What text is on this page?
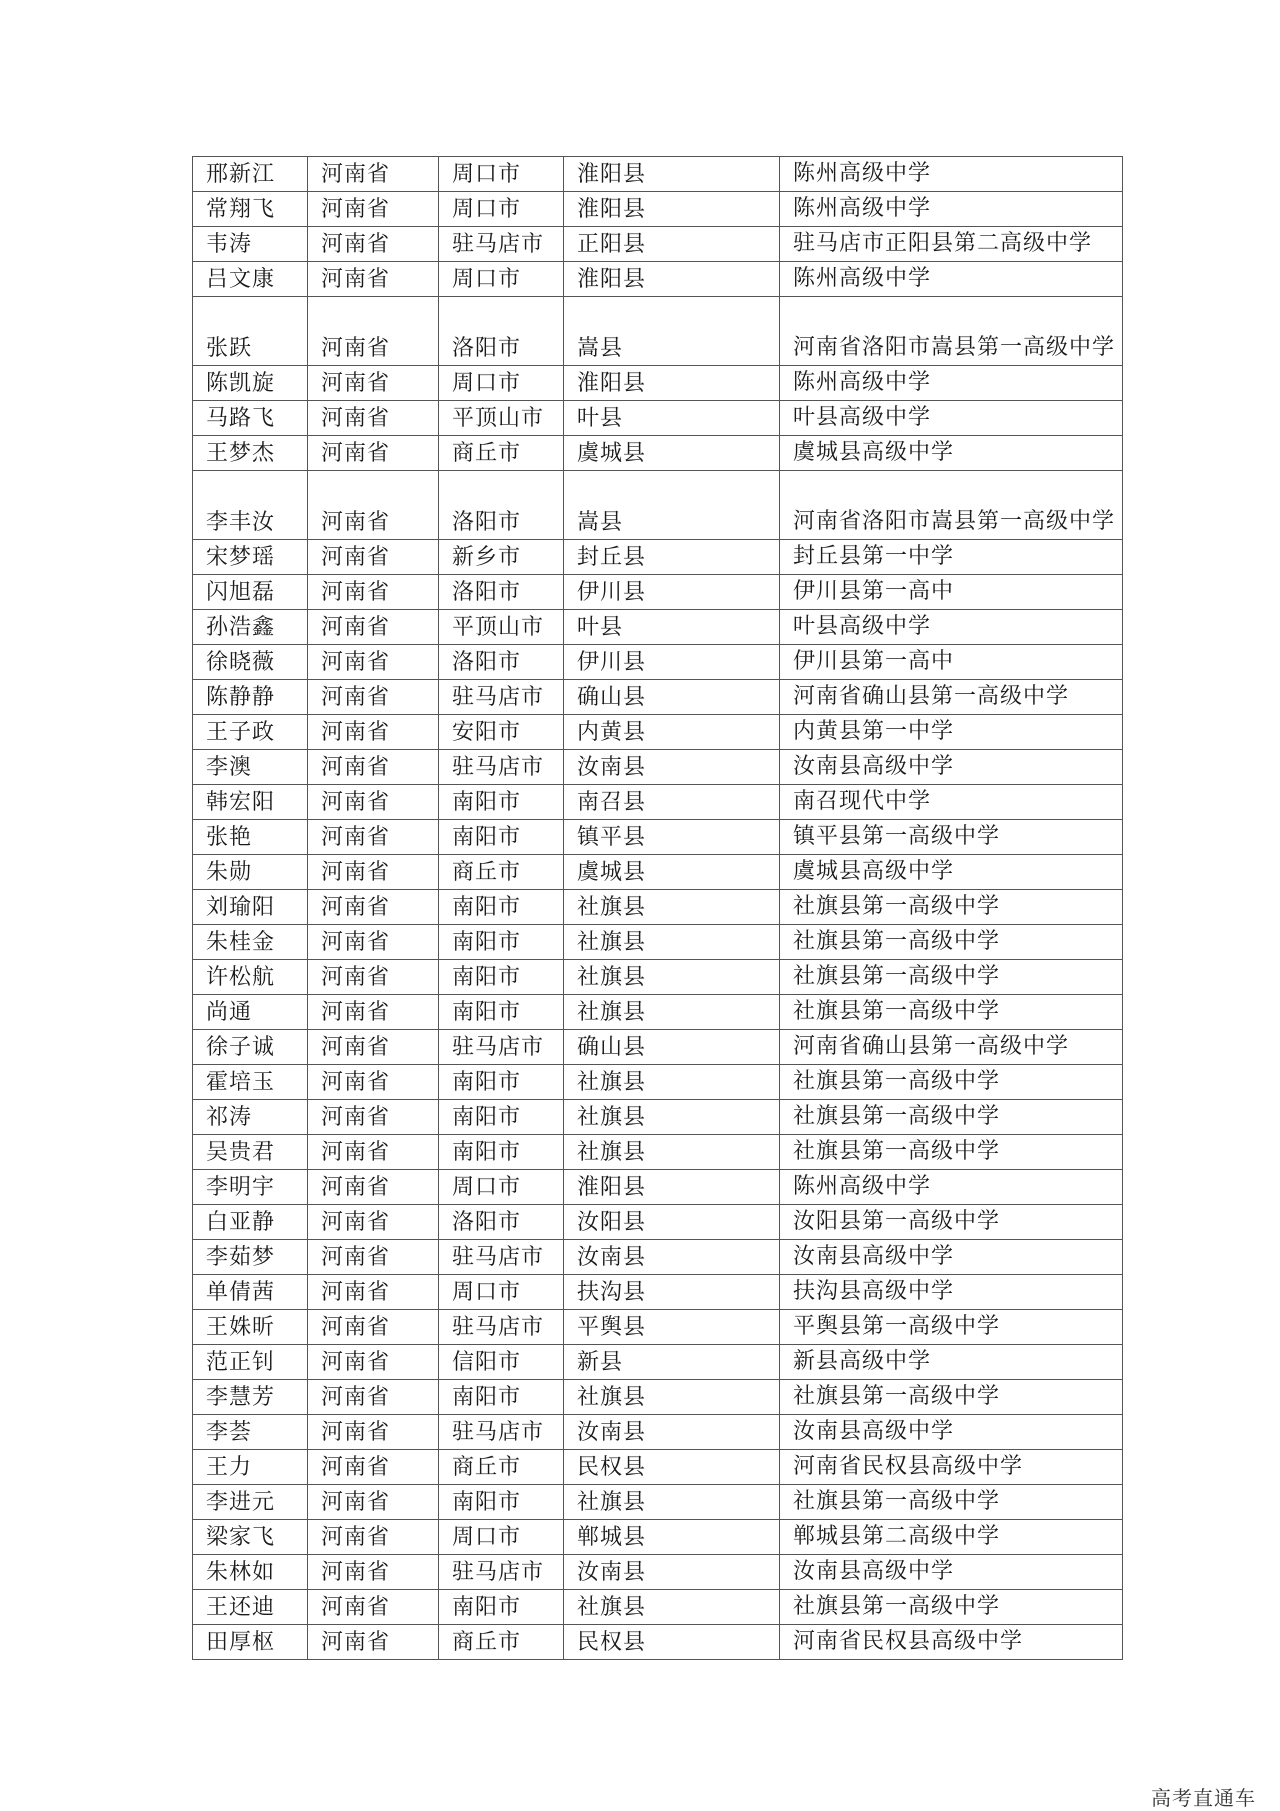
邢新江	河南省	周口市	淮阳县	陈州高级中学
常翔飞	河南省	周口市	淮阳县	陈州高级中学
韦涛	河南省	驻马店市	正阳县	驻马店市正阳县第二高级中学
吕文康	河南省	周口市	淮阳县	陈州高级中学
张跃	河南省	洛阳市	嵩县	河南省洛阳市嵩县第一高级中学
陈凯旋	河南省	周口市	淮阳县	陈州高级中学
马路飞	河南省	平顶山市	叶县	叶县高级中学
王梦杰	河南省	商丘市	虞城县	虞城县高级中学
李丰汝	河南省	洛阳市	嵩县	河南省洛阳市嵩县第一高级中学
宋梦瑶	河南省	新乡市	封丘县	封丘县第一中学
闪旭磊	河南省	洛阳市	伊川县	伊川县第一高中
孙浩鑫	河南省	平顶山市	叶县	叶县高级中学
徐晓薇	河南省	洛阳市	伊川县	伊川县第一高中
陈静静	河南省	驻马店市	确山县	河南省确山县第一高级中学
王子政	河南省	安阳市	内黄县	内黄县第一中学
李澳	河南省	驻马店市	汝南县	汝南县高级中学
韩宏阳	河南省	南阳市	南召县	南召现代中学
张艳	河南省	南阳市	镇平县	镇平县第一高级中学
朱勋	河南省	商丘市	虞城县	虞城县高级中学
刘瑜阳	河南省	南阳市	社旗县	社旗县第一高级中学
朱桂金	河南省	南阳市	社旗县	社旗县第一高级中学
许松航	河南省	南阳市	社旗县	社旗县第一高级中学
尚通	河南省	南阳市	社旗县	社旗县第一高级中学
徐子诚	河南省	驻马店市	确山县	河南省确山县第一高级中学
霍培玉	河南省	南阳市	社旗县	社旗县第一高级中学
祁涛	河南省	南阳市	社旗县	社旗县第一高级中学
吴贵君	河南省	南阳市	社旗县	社旗县第一高级中学
李明宇	河南省	周口市	淮阳县	陈州高级中学
白亚静	河南省	洛阳市	汝阳县	汝阳县第一高级中学
李茹梦	河南省	驻马店市	汝南县	汝南县高级中学
单倩茜	河南省	周口市	扶沟县	扶沟县高级中学
王姝昕	河南省	驻马店市	平舆县	平舆县第一高级中学
范正钊	河南省	信阳市	新县	新县高级中学
李慧芳	河南省	南阳市	社旗县	社旗县第一高级中学
李荟	河南省	驻马店市	汝南县	汝南县高级中学
王力	河南省	商丘市	民权县	河南省民权县高级中学
李进元	河南省	南阳市	社旗县	社旗县第一高级中学
梁家飞	河南省	周口市	郸城县	郸城县第二高级中学
朱林如	河南省	驻马店市	汝南县	汝南县高级中学
王还迪	河南省	南阳市	社旗县	社旗县第一高级中学
田厚枢	河南省	商丘市	民权县	河南省民权县高级中学
高考直通车
